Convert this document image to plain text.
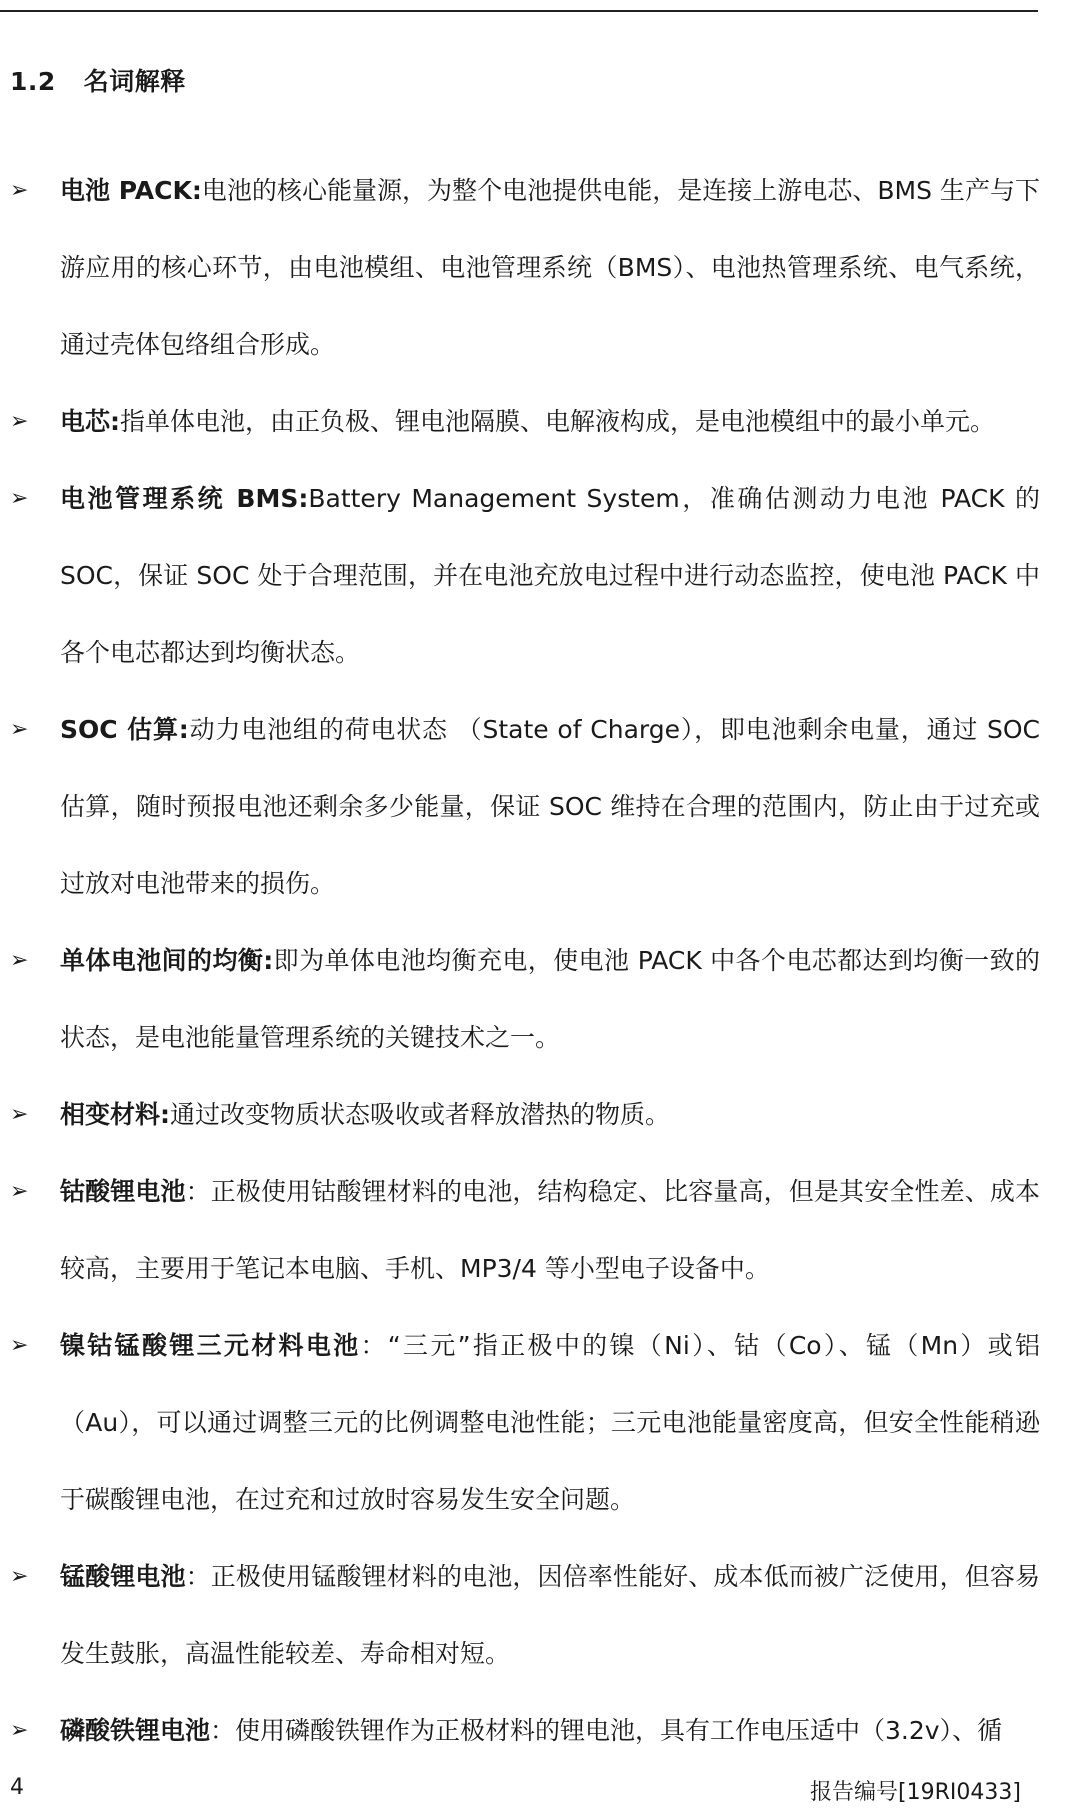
1.2 名词解释
➢	电池 PACK:电池的核心能量源，为整个电池提供电能，是连接上游电芯、BMS 生产与下游应用的核心环节，由电池模组、电池管理系统（BMS）、电池热管理系统、电气系统，通过壳体包络组合形成。
➢	电芯:指单体电池，由正负极、锂电池隔膜、电解液构成，是电池模组中的最小单元。
➢	电池管理系统 BMS:Battery Management System，准确估测动力电池 PACK 的 SOC，保证 SOC 处于合理范围，并在电池充放电过程中进行动态监控，使电池 PACK 中各个电芯都达到均衡状态。
➢	SOC 估算:动力电池组的荷电状态 （State of Charge），即电池剩余电量，通过 SOC 估算，随时预报电池还剩余多少能量，保证 SOC 维持在合理的范围内，防止由于过充或过放对电池带来的损伤。
➢	单体电池间的均衡:即为单体电池均衡充电，使电池 PACK 中各个电芯都达到均衡一致的状态，是电池能量管理系统的关键技术之一。
➢	相变材料:通过改变物质状态吸收或者释放潜热的物质。
➢	钴酸锂电池：正极使用钴酸锂材料的电池，结构稳定、比容量高，但是其安全性差、成本较高，主要用于笔记本电脑、手机、MP3/4 等小型电子设备中。
➢	镍钴锰酸锂三元材料电池：“三元”指正极中的镍（Ni）、钴（Co）、锰（Mn）或铝（Au），可以通过调整三元的比例调整电池性能；三元电池能量密度高，但安全性能稍逊于碳酸锂电池，在过充和过放时容易发生安全问题。
➢	锰酸锂电池：正极使用锰酸锂材料的电池，因倍率性能好、成本低而被广泛使用，但容易发生鼓胀，高温性能较差、寿命相对短。
➢	磷酸铁锂电池：使用磷酸铁锂作为正极材料的锂电池，具有工作电压适中（3.2v）、循
4	报告编号[19RI0433]
